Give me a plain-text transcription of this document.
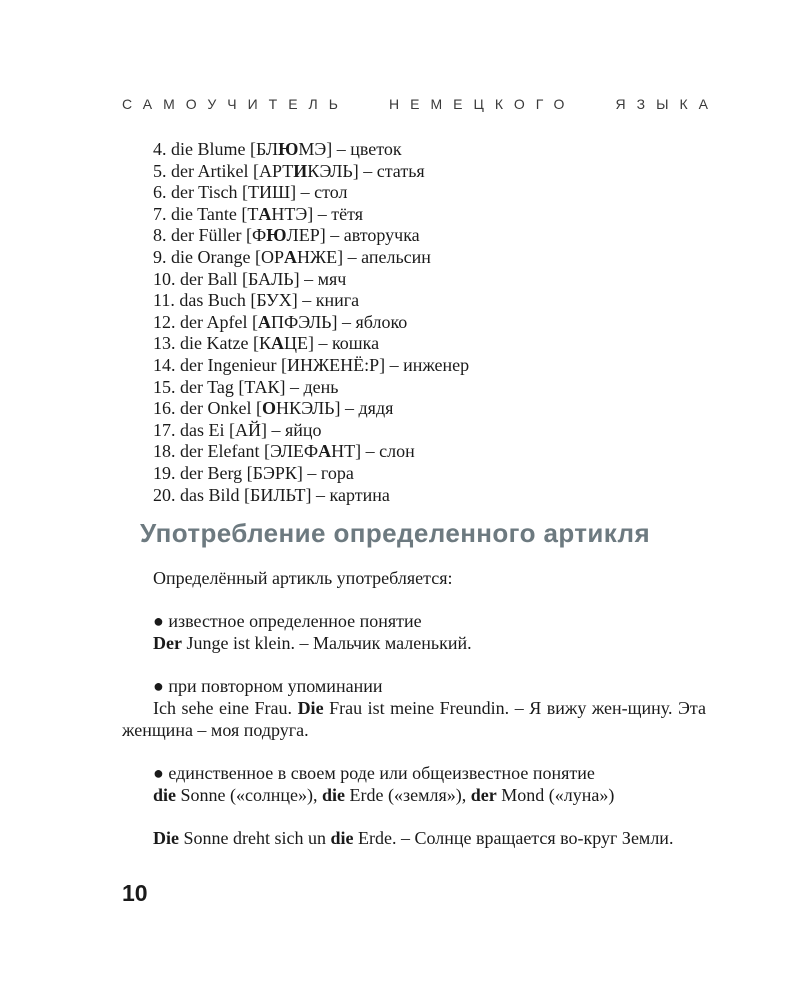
САМОУЧИТЕЛЬ	НЕМЕЦКОГО	ЯЗЫКА
4. die Blume [БЛЮМЭ] – цветок
5. der Artikel [АРТИКЭЛЬ] – статья
6. der Tisch [ТИШ] – стол
7. die Tante [ТАНТЭ] – тётя
8. der Füller [ФЮЛЕР] – авторучка
9. die Orange [ОРАНЖЕ] – апельсин
10. der Ball [БАЛЬ] – мяч
11. das Buch [БУХ] – книга
12. der Apfel [АПФЭЛЬ] – яблоко
13. die Katze [КАЦЕ] – кошка
14. der Ingenieur [ИНЖЕНЁ:Р] – инженер
15. der Tag [ТАК] – день
16. der Onkel [ОНКЭЛЬ] – дядя
17. das Ei [АЙ] – яйцо
18. der Elefant [ЭЛЕФАНТ] – слон
19. der Berg [БЭРК] – гора
20. das Bild [БИЛЬТ] – картина
Употребление определенного артикля

Определённый артикль употребляется:

● известное определенное понятие

Der Junge ist klein. – Мальчик маленький.

● при повторном упоминании

Ich sehe eine Frau. Die Frau ist meine Freundin. – Я вижу жен-щину. Эта женщина – моя подруга.

● единственное в своем роде или общеизвестное понятие

die Sonne («солнце»), die Erde («земля»), der Mond («луна»)

Die Sonne dreht sich un die Erde. – Солнце вращается во-круг Земли.

10
